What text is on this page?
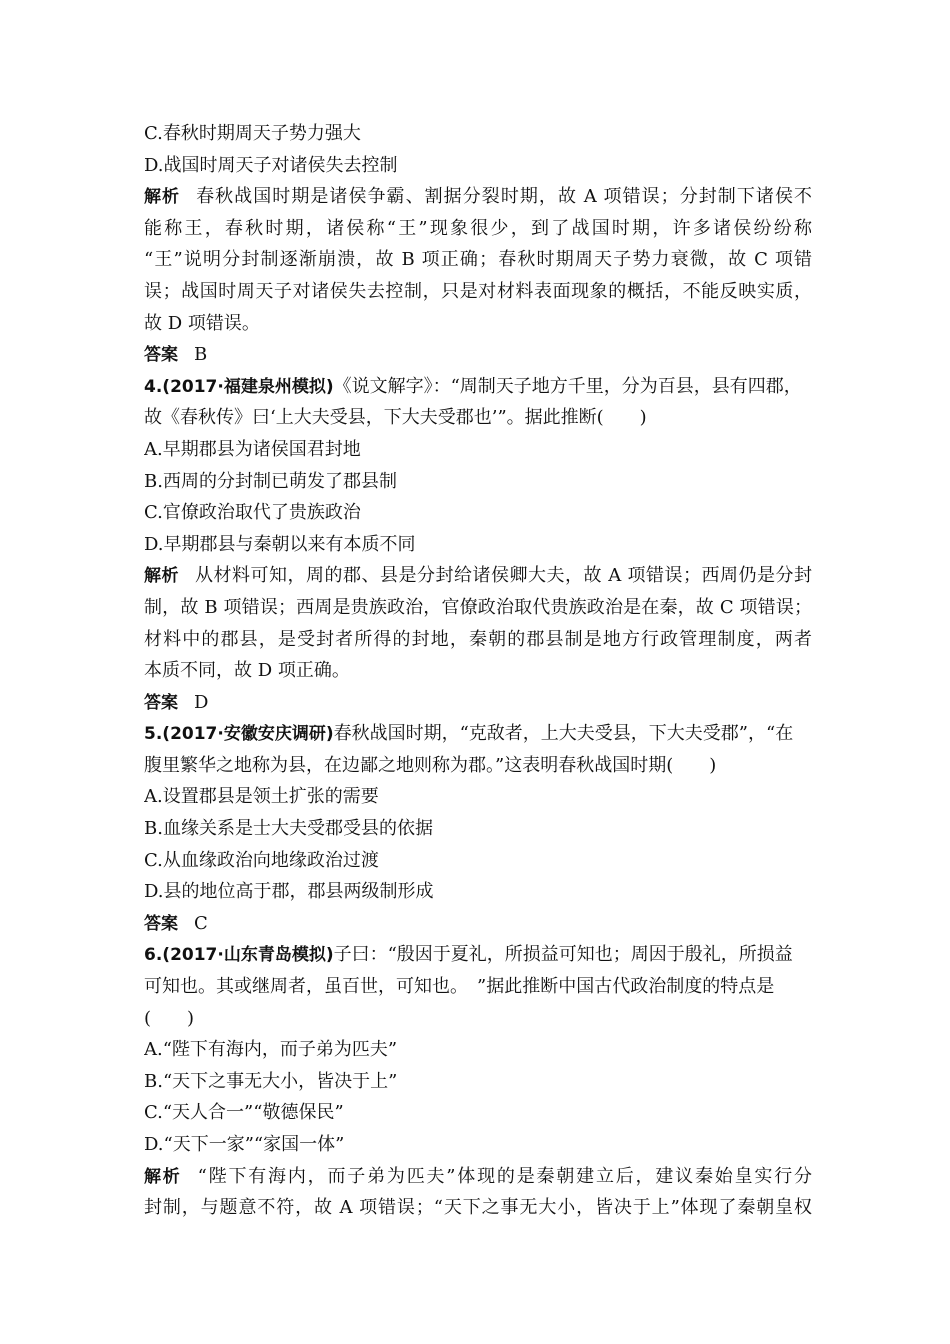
C.春秋时期周天子势力强大
D.战国时周天子对诸侯失去控制
解析 春秋战国时期是诸侯争霸、割据分裂时期，故 A 项错误；分封制下诸侯不
能称王，春秋时期，诸侯称“王”现象很少，到了战国时期，许多诸侯纷纷称
“王”说明分封制逐渐崩溃，故 B 项正确；春秋时期周天子势力衰微，故 C 项错
误；战国时周天子对诸侯失去控制，只是对材料表面现象的概括，不能反映实质，
故 D 项错误。
答案 B
4.(2017·福建泉州模拟)《说文解字》：“周制天子地方千里，分为百县，县有四郡，
故《春秋传》曰‘上大夫受县，下大夫受郡也’”。据此推断(　　)
A.早期郡县为诸侯国君封地
B.西周的分封制已萌发了郡县制
C.官僚政治取代了贵族政治
D.早期郡县与秦朝以来有本质不同
解析 从材料可知，周的郡、县是分封给诸侯卿大夫，故 A 项错误；西周仍是分封
制，故 B 项错误；西周是贵族政治，官僚政治取代贵族政治是在秦，故 C 项错误；
材料中的郡县，是受封者所得的封地，秦朝的郡县制是地方行政管理制度，两者
本质不同，故 D 项正确。
答案 D
5.(2017·安徽安庆调研)春秋战国时期，“克敌者，上大夫受县，下大夫受郡”，“在
腹里繁华之地称为县，在边鄙之地则称为郡。”这表明春秋战国时期(　　)
A.设置郡县是领土扩张的需要
B.血缘关系是士大夫受郡受县的依据
C.从血缘政治向地缘政治过渡
D.县的地位高于郡，郡县两级制形成
答案 C
6.(2017·山东青岛模拟)子曰：“殷因于夏礼，所损益可知也；周因于殷礼，所损益
可知也。其或继周者，虽百世，可知也。　”据此推断中国古代政治制度的特点是
(　　)
A.“陛下有海内，而子弟为匹夫”
B.“天下之事无大小，皆决于上”
C.“天人合一”“敬德保民”
D.“天下一家”“家国一体”
解析 “陛下有海内，而子弟为匹夫”体现的是秦朝建立后，建议秦始皇实行分
封制，与题意不符，故 A 项错误；“天下之事无大小，皆决于上”体现了秦朝皇权
